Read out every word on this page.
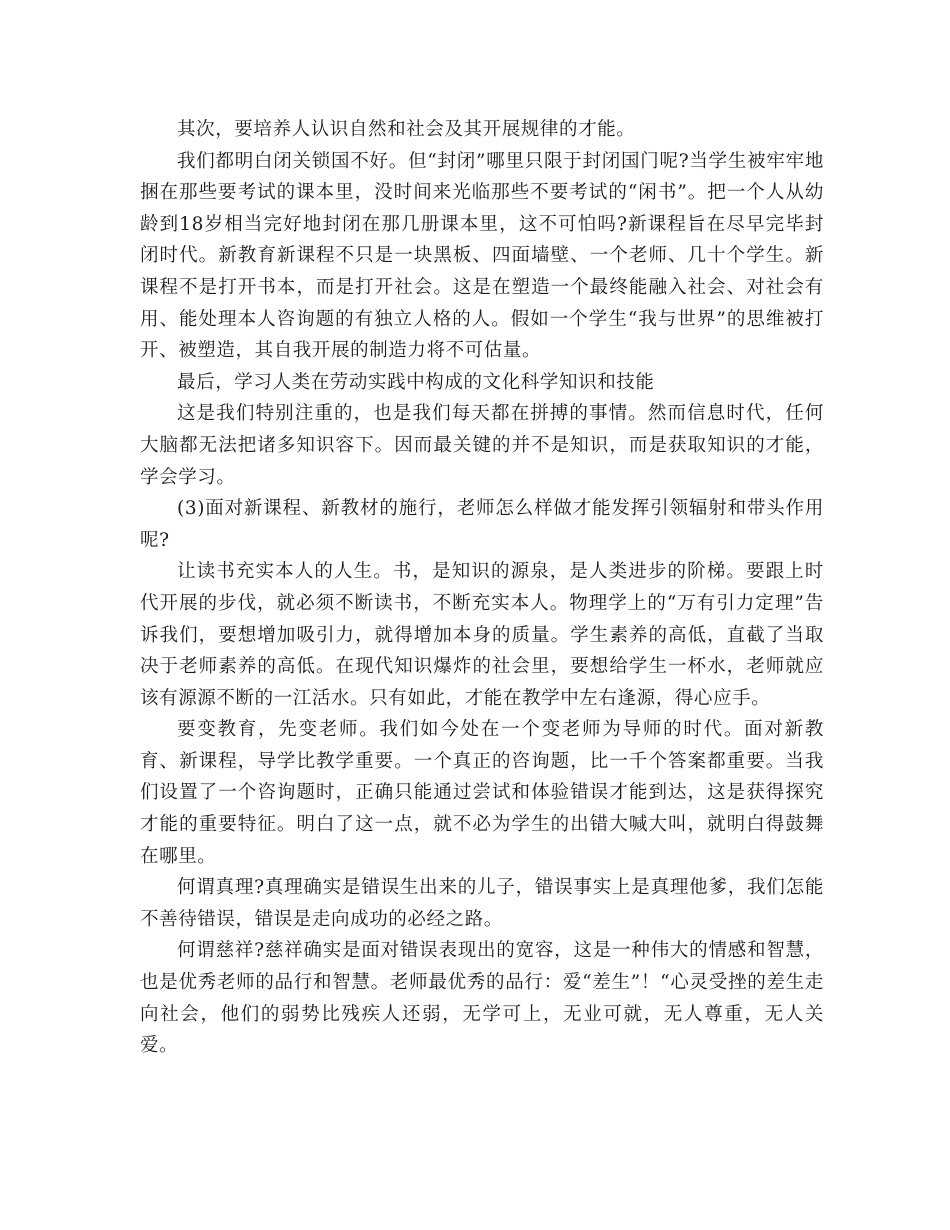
其次，要培养人认识自然和社会及其开展规律的才能。

我们都明白闭关锁国不好。但“封闭”哪里只限于封闭国门呢?当学生被牢牢地捆在那些要考试的课本里，没时间来光临那些不要考试的“闲书”。把一个人从幼龄到18岁相当完好地封闭在那几册课本里，这不可怕吗?新课程旨在尽早完毕封闭时代。新教育新课程不只是一块黑板、四面墙壁、一个老师、几十个学生。新课程不是打开书本，而是打开社会。这是在塑造一个最终能融入社会、对社会有用、能处理本人咨询题的有独立人格的人。假如一个学生“我与世界”的思维被打开、被塑造，其自我开展的制造力将不可估量。

最后，学习人类在劳动实践中构成的文化科学知识和技能

这是我们特别注重的，也是我们每天都在拼搏的事情。然而信息时代，任何大脑都无法把诸多知识容下。因而最关键的并不是知识，而是获取知识的才能，学会学习。

(3)面对新课程、新教材的施行，老师怎么样做才能发挥引领辐射和带头作用呢?

让读书充实本人的人生。书，是知识的源泉，是人类进步的阶梯。要跟上时代开展的步伐，就必须不断读书，不断充实本人。物理学上的“万有引力定理”告诉我们，要想增加吸引力，就得增加本身的质量。学生素养的高低，直截了当取决于老师素养的高低。在现代知识爆炸的社会里，要想给学生一杯水，老师就应该有源源不断的一江活水。只有如此，才能在教学中左右逢源，得心应手。

要变教育，先变老师。我们如今处在一个变老师为导师的时代。面对新教育、新课程，导学比教学重要。一个真正的咨询题，比一千个答案都重要。当我们设置了一个咨询题时，正确只能通过尝试和体验错误才能到达，这是获得探究才能的重要特征。明白了这一点，就不必为学生的出错大喊大叫，就明白得鼓舞在哪里。

何谓真理?真理确实是错误生出来的儿子，错误事实上是真理他爹，我们怎能不善待错误，错误是走向成功的必经之路。

何谓慈祥?慈祥确实是面对错误表现出的宽容，这是一种伟大的情感和智慧，也是优秀老师的品行和智慧。老师最优秀的品行：爱“差生”！“心灵受挫的差生走向社会，他们的弱势比残疾人还弱，无学可上，无业可就，无人尊重，无人关爱。
